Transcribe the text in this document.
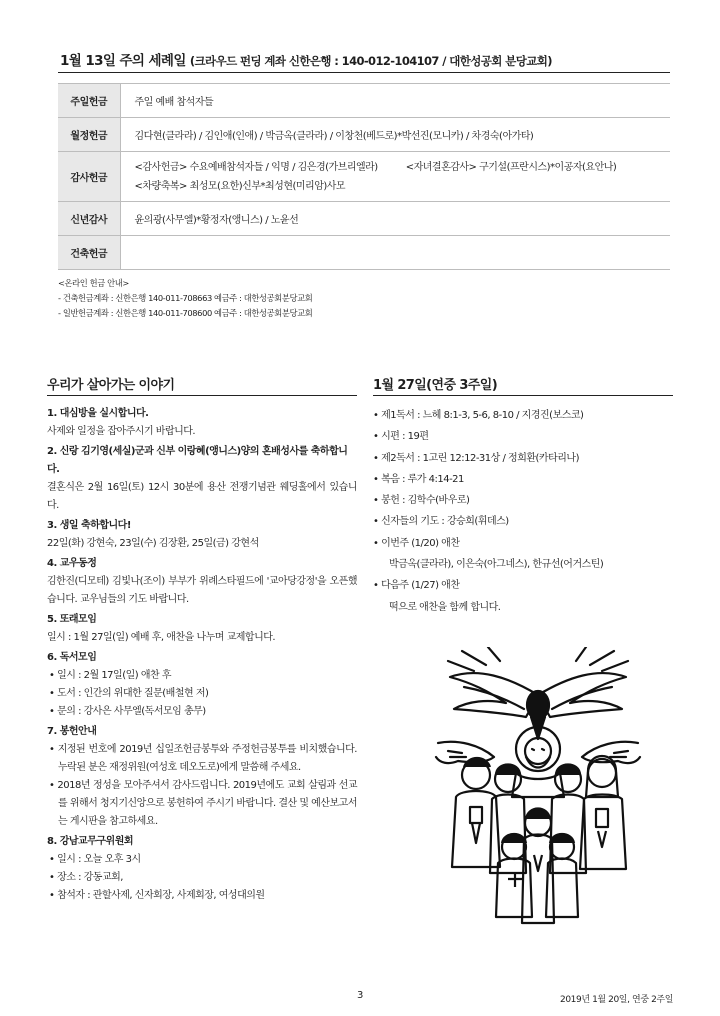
1월 13일 주의 세례일 (크라우드 펀딩 계좌 신한은행 : 140-012-104107 / 대한성공회 분당교회)
주일헌금	주일 예배 참석자들
월정헌금	김다현(클라라) / 김인애(인애) / 박금옥(클라라) / 이창천(베드로)*박선진(모니카) / 차경숙(아가타)
감사헌금	<감사헌금> 수요예배참석자들 / 익명 / 김은경(가브리엘라) <자녀결혼감사> 구기설(프란시스)*이공자(요안나)
<차량축복> 최성모(요한)신부*최성현(미리암)사모

신년감사	윤의광(사무엘)*황정자(앵니스) / 노윤선
건축헌금	
<온라인 헌금 안내>
- 건축헌금계좌 : 신한은행 140-011-708663 예금주 : 대한성공회분당교회
- 일반헌금계좌 : 신한은행 140-011-708600 예금주 : 대한성공회분당교회
우리가 살아가는 이야기
1. 대심방을 실시합니다.
사제와 일정을 잡아주시기 바랍니다.
2. 신랑 김기영(세실)군과 신부 이랑혜(앵니스)양의 혼배성사를 축하합니다.
결혼식은 2월 16일(토) 12시 30분에 용산 전쟁기념관 웨딩홀에서 있습니다.
3. 생일 축하합니다!
22일(화) 강현숙, 23일(수) 김장환, 25일(금) 강현석
4. 교우동정
김한진(디모테) 김빛나(조이) 부부가 위례스타필드에 '교아당강정'을 오픈했습니다. 교우님들의 기도 바랍니다.
5. 또래모임
일시 : 1월 27일(일) 예배 후, 애찬을 나누며 교제합니다.
6. 독서모임
• 일시 : 2월 17일(일) 애찬 후
• 도서 : 인간의 위대한 질문(배철현 저)
• 문의 : 강사은 사무엘(독서모임 총무)
7. 봉헌안내
• 지정된 번호에 2019년 십일조헌금봉투와 주정헌금봉투를 비치했습니다. 누락된 분은 재정위원(여성호 데오도로)에게 말씀해 주세요.
• 2018년 정성을 모아주셔서 감사드립니다. 2019년에도 교회 살림과 선교를 위해서 청지기신앙으로 봉헌하여 주시기 바랍니다. 결산 및 예산보고서는 게시판을 참고하세요.
8. 강남교무구위원회
• 일시 : 오늘 오후 3시
• 장소 : 강동교회,
• 참석자 : 관할사제, 신자회장, 사제회장, 여성대의원
1월 27일(연중 3주일)
• 제1독서 : 느헤 8:1-3, 5-6, 8-10 / 지경진(보스코)
• 시편 : 19편
• 제2독서 : 1고린 12:12-31상 / 정희환(카타리나)
• 복음 : 루가 4:14-21
• 봉헌 : 김학수(바우로)
• 신자들의 기도 : 강승희(휘데스)
• 이번주 (1/20) 애찬
박금옥(클라라), 이은숙(아그네스), 한규선(어거스틴)
• 다음주 (1/27) 애찬
떡으로 애찬을 함께 합니다.
3	2019년 1월 20일, 연중 2주일
